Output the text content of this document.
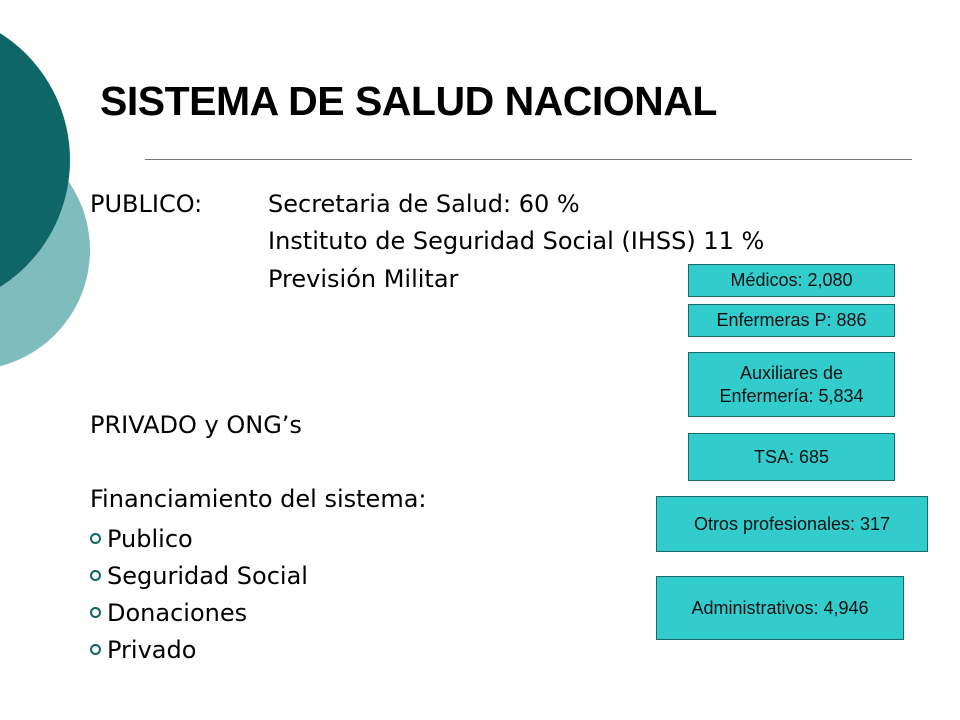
SISTEMA DE SALUD NACIONAL
PUBLICO:	Secretaria de Salud: 60 %
Instituto de Seguridad Social (IHSS) 11 %
Previsión Militar
PRIVADO y ONG’s
Financiamiento del sistema:
Publico
Seguridad Social
Donaciones
Privado
Médicos: 2,080
Enfermeras P: 886
Auxiliares de
Enfermería: 5,834
TSA: 685
Otros profesionales: 317
Administrativos: 4,946
